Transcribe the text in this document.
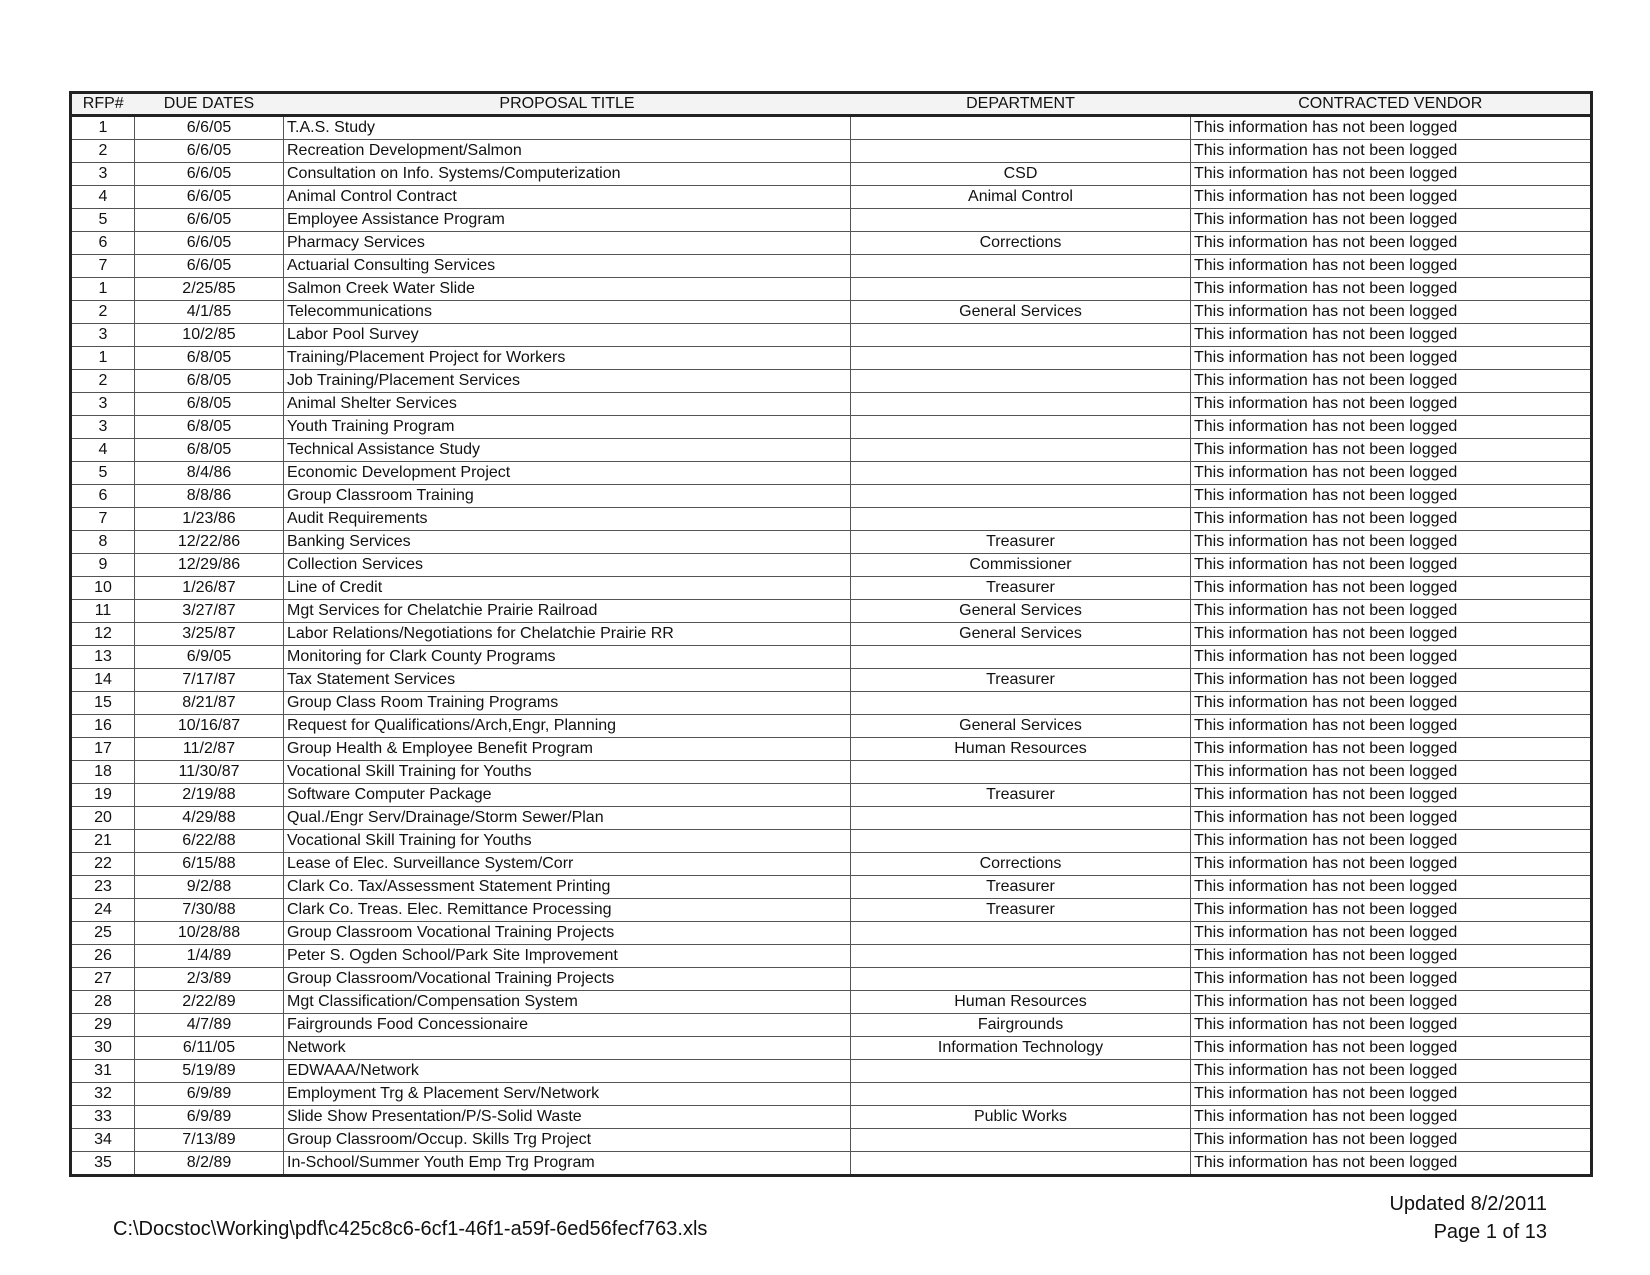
RFP#	DUE DATES	PROPOSAL TITLE	DEPARTMENT	CONTRACTED VENDOR
1	6/6/05	T.A.S. Study		This information has not been logged
2	6/6/05	Recreation Development/Salmon		This information has not been logged
3	6/6/05	Consultation on Info. Systems/Computerization	CSD	This information has not been logged
4	6/6/05	Animal Control Contract	Animal Control	This information has not been logged
5	6/6/05	Employee Assistance Program		This information has not been logged
6	6/6/05	Pharmacy Services	Corrections	This information has not been logged
7	6/6/05	Actuarial Consulting Services		This information has not been logged
1	2/25/85	Salmon Creek Water Slide		This information has not been logged
2	4/1/85	Telecommunications	General Services	This information has not been logged
3	10/2/85	Labor Pool Survey		This information has not been logged
1	6/8/05	Training/Placement Project for Workers		This information has not been logged
2	6/8/05	Job Training/Placement Services		This information has not been logged
3	6/8/05	Animal Shelter Services		This information has not been logged
3	6/8/05	Youth Training Program		This information has not been logged
4	6/8/05	Technical Assistance Study		This information has not been logged
5	8/4/86	Economic Development Project		This information has not been logged
6	8/8/86	Group Classroom Training		This information has not been logged
7	1/23/86	Audit Requirements		This information has not been logged
8	12/22/86	Banking Services	Treasurer	This information has not been logged
9	12/29/86	Collection Services	Commissioner	This information has not been logged
10	1/26/87	Line of Credit	Treasurer	This information has not been logged
11	3/27/87	Mgt Services for Chelatchie Prairie Railroad	General Services	This information has not been logged
12	3/25/87	Labor Relations/Negotiations for Chelatchie Prairie RR	General Services	This information has not been logged
13	6/9/05	Monitoring for Clark County Programs		This information has not been logged
14	7/17/87	Tax Statement Services	Treasurer	This information has not been logged
15	8/21/87	Group Class Room Training Programs		This information has not been logged
16	10/16/87	Request for Qualifications/Arch,Engr, Planning	General Services	This information has not been logged
17	11/2/87	Group Health & Employee Benefit Program	Human Resources	This information has not been logged
18	11/30/87	Vocational Skill Training for Youths		This information has not been logged
19	2/19/88	Software Computer Package	Treasurer	This information has not been logged
20	4/29/88	Qual./Engr Serv/Drainage/Storm Sewer/Plan		This information has not been logged
21	6/22/88	Vocational Skill Training for Youths		This information has not been logged
22	6/15/88	Lease of Elec. Surveillance System/Corr	Corrections	This information has not been logged
23	9/2/88	Clark Co. Tax/Assessment Statement Printing	Treasurer	This information has not been logged
24	7/30/88	Clark Co. Treas. Elec. Remittance Processing	Treasurer	This information has not been logged
25	10/28/88	Group Classroom Vocational Training Projects		This information has not been logged
26	1/4/89	Peter S. Ogden School/Park Site Improvement		This information has not been logged
27	2/3/89	Group Classroom/Vocational Training Projects		This information has not been logged
28	2/22/89	Mgt Classification/Compensation System	Human Resources	This information has not been logged
29	4/7/89	Fairgrounds Food Concessionaire	Fairgrounds	This information has not been logged
30	6/11/05	Network	Information Technology	This information has not been logged
31	5/19/89	EDWAAA/Network		This information has not been logged
32	6/9/89	Employment Trg & Placement Serv/Network		This information has not been logged
33	6/9/89	Slide Show Presentation/P/S-Solid Waste	Public Works	This information has not been logged
34	7/13/89	Group Classroom/Occup. Skills Trg Project		This information has not been logged
35	8/2/89	In-School/Summer Youth Emp Trg Program		This information has not been logged
C:\Docstoc\Working\pdf\c425c8c6-6cf1-46f1-a59f-6ed56fecf763.xls
Updated 8/2/2011
Page 1 of 13
